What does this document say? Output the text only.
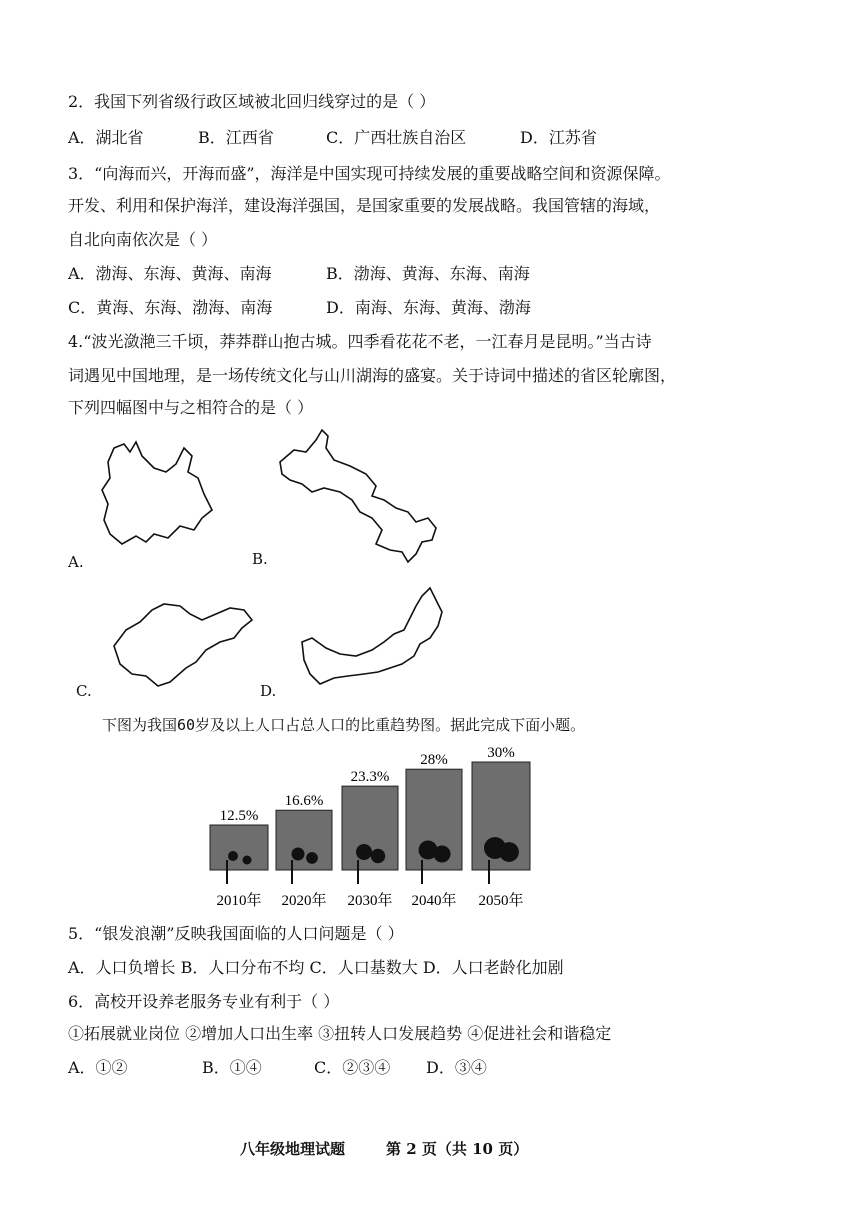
2．我国下列省级行政区域被北回归线穿过的是（ ）
A．湖北省	B．江西省	C．广西壮族自治区	D．江苏省
3．“向海而兴，开海而盛”，海洋是中国实现可持续发展的重要战略空间和资源保障。
开发、利用和保护海洋，建设海洋强国，是国家重要的发展战略。我国管辖的海域，
自北向南依次是（ ）
A．渤海、东海、黄海、南海	B．渤海、黄海、东海、南海
C．黄海、东海、渤海、南海	D．南海、东海、黄海、渤海
4.“波光潋滟三千顷，莽莽群山抱古城。四季看花花不老，一江春月是昆明。”当古诗
词遇见中国地理，是一场传统文化与山川湖海的盛宴。关于诗词中描述的省区轮廓图，
下列四幅图中与之相符合的是（ ）
A.	B.
C.	D.
下图为我国60岁及以上人口占总人口的比重趋势图。据此完成下面小题。
12.5%
2010年
16.6%
2020年
23.3%
2030年
28%
2040年
30%
2050年
5．“银发浪潮”反映我国面临的人口问题是（ ）
A．人口负增长 B．人口分布不均 C．人口基数大 D．人口老龄化加剧
6．高校开设养老服务专业有利于（ ）
①拓展就业岗位 ②增加人口出生率 ③扭转人口发展趋势 ④促进社会和谐稳定
A．①②	B．①④	C．②③④ D．③④
八年级地理试题	第 2 页（共 10 页）
